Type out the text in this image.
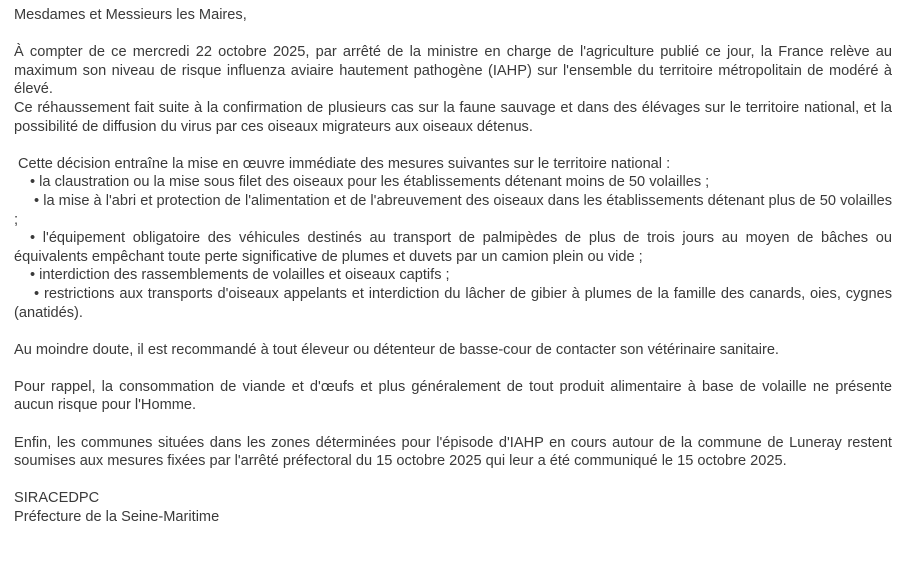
Mesdames et Messieurs les Maires,

À compter de ce mercredi 22 octobre 2025, par arrêté de la ministre en charge de l'agriculture publié ce jour, la France relève au maximum son niveau de risque influenza aviaire hautement pathogène (IAHP) sur l'ensemble du territoire métropolitain de modéré à élevé.

Ce réhaussement fait suite à la confirmation de plusieurs cas sur la faune sauvage et dans des élévages sur le territoire national, et la possibilité de diffusion du virus par ces oiseaux migrateurs aux oiseaux détenus.

Cette décision entraîne la mise en œuvre immédiate des mesures suivantes sur le territoire national :

• la claustration ou la mise sous filet des oiseaux pour les établissements détenant moins de 50 volailles ;

• la mise à l'abri et protection de l'alimentation et de l'abreuvement des oiseaux dans les établissements détenant plus de 50 volailles ;

• l'équipement obligatoire des véhicules destinés au transport de palmipèdes de plus de trois jours au moyen de bâches ou équivalents empêchant toute perte significative de plumes et duvets par un camion plein ou vide ;

• interdiction des rassemblements de volailles et oiseaux captifs ;

• restrictions aux transports d'oiseaux appelants et interdiction du lâcher de gibier à plumes de la famille des canards, oies, cygnes (anatidés).

Au moindre doute, il est recommandé à tout éleveur ou détenteur de basse-cour de contacter son vétérinaire sanitaire.

Pour rappel, la consommation de viande et d'œufs et plus généralement de tout produit alimentaire à base de volaille ne présente aucun risque pour l'Homme.

Enfin, les communes situées dans les zones déterminées pour l'épisode d'IAHP en cours autour de la commune de Luneray restent soumises aux mesures fixées par l'arrêté préfectoral du 15 octobre 2025 qui leur a été communiqué le 15 octobre 2025.

SIRACEDPC

Préfecture de la Seine-Maritime
